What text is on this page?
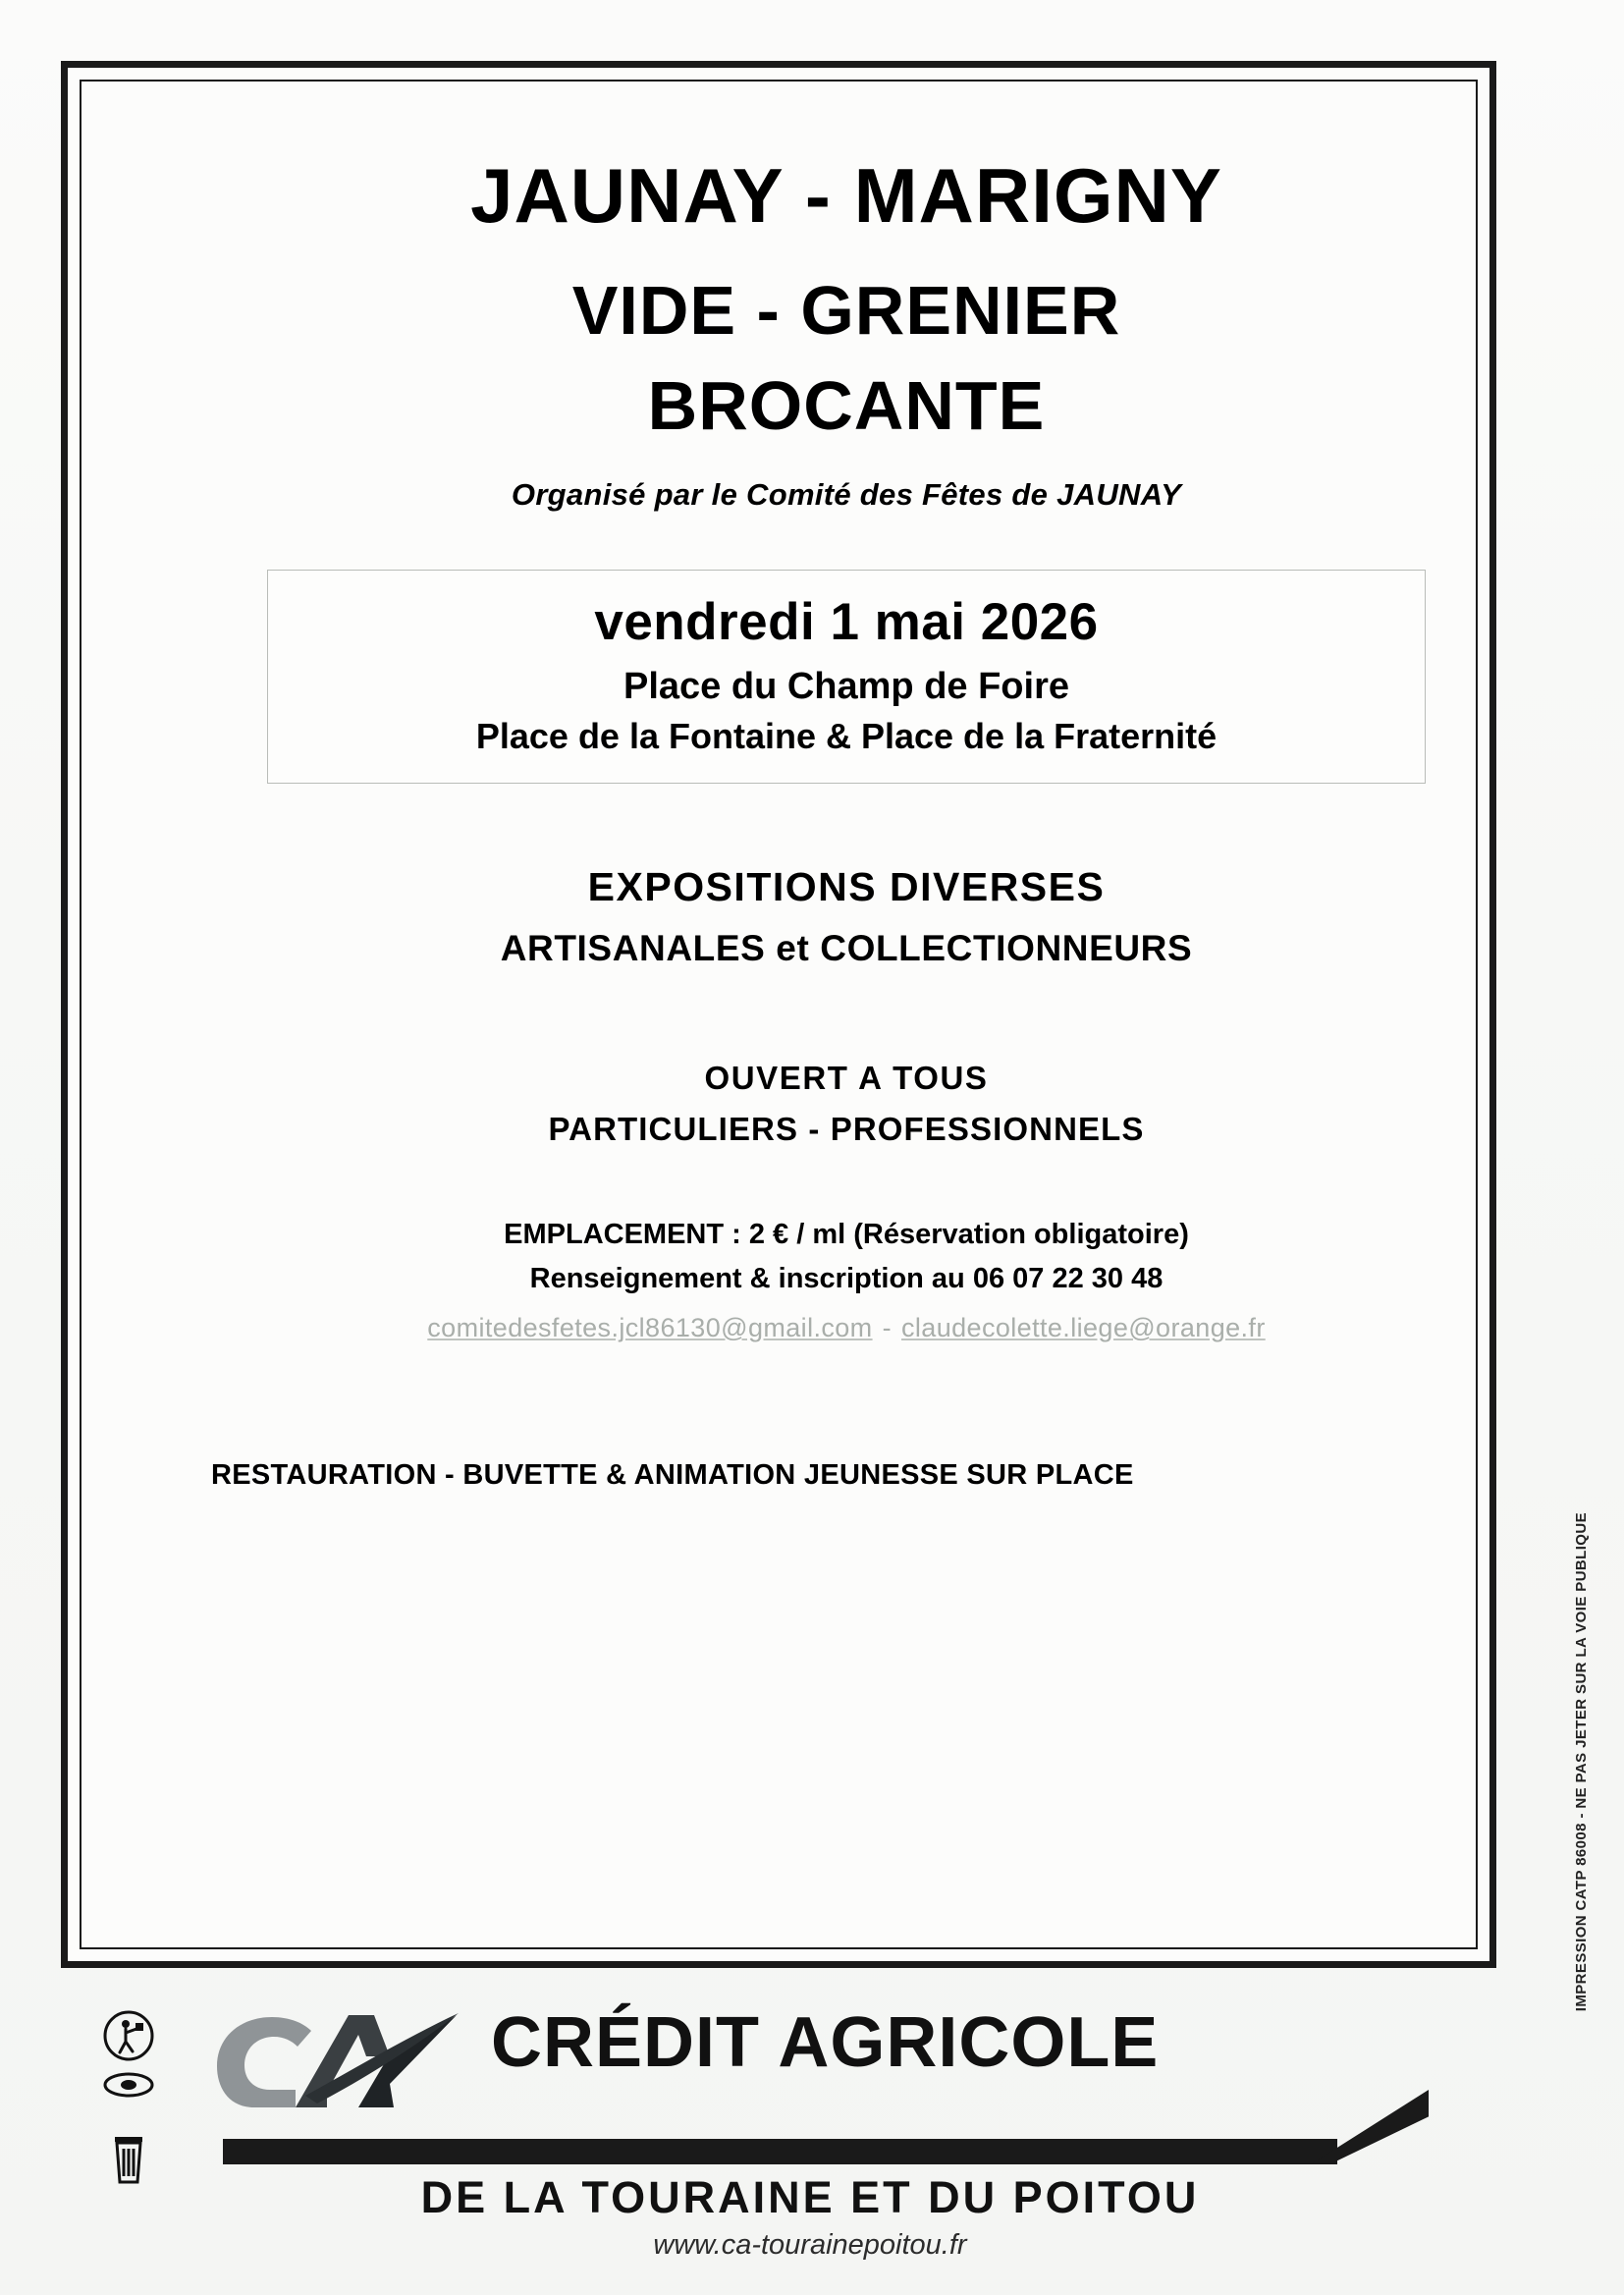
JAUNAY - MARIGNY
VIDE - GRENIER
BROCANTE

Organisé par le Comité des Fêtes de JAUNAY

vendredi 1 mai 2026
Place du Champ de Foire
Place de la Fontaine & Place de la Fraternité
EXPOSITIONS DIVERSES
ARTISANALES et COLLECTIONNEURS
OUVERT A TOUS
PARTICULIERS - PROFESSIONNELS
EMPLACEMENT : 2 € / ml (Réservation obligatoire)
Renseignement & inscription au 06 07 22 30 48
comitedesfetes.jcl86130@gmail.com - claudecolette.liege@orange.fr
RESTAURATION - BUVETTE & ANIMATION JEUNESSE SUR PLACE
IMPRESSION CATP 86008 - NE PAS JETER SUR LA VOIE PUBLIQUE
CRÉDIT AGRICOLE
DE LA TOURAINE ET DU POITOU
www.ca-tourainepoitou.fr
